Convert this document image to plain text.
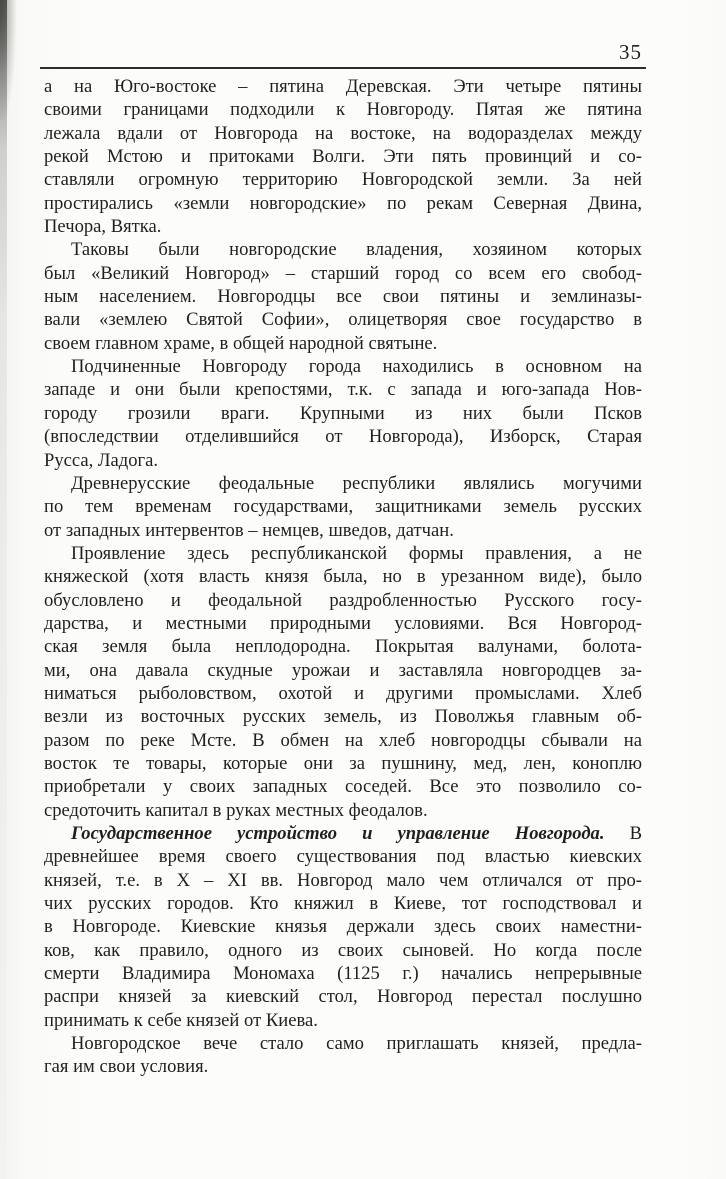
35
а на Юго-востоке – пятина Деревская. Эти четыре пятины
своими границами подходили к Новгороду. Пятая же пятина
лежала вдали от Новгорода на востоке, на водоразделах между
рекой Мстою и притоками Волги. Эти пять провинций и со-
ставляли огромную территорию Новгородской земли. За ней
простирались «земли новгородские» по рекам Северная Двина,
Печора, Вятка.
Таковы были новгородские владения, хозяином которых
был «Великий Новгород» – старший город со всем его свобод-
ным населением. Новгородцы все свои пятины и землиназы-
вали «землею Святой Софии», олицетворяя свое государство в
своем главном храме, в общей народной святыне.
Подчиненные Новгороду города находились в основном на
западе и они были крепостями, т.к. с запада и юго-запада Нов-
городу грозили враги. Крупными из них были Псков
(впоследствии отделившийся от Новгорода), Изборск, Старая
Русса, Ладога.
Древнерусские феодальные республики являлись могучими
по тем временам государствами, защитниками земель русских
от западных интервентов – немцев, шведов, датчан.
Проявление здесь республиканской формы правления, а не
княжеской (хотя власть князя была, но в урезанном виде), было
обусловлено и феодальной раздробленностью Русского госу-
дарства, и местными природными условиями. Вся Новгород-
ская земля была неплодородна. Покрытая валунами, болота-
ми, она давала скудные урожаи и заставляла новгородцев за-
ниматься рыболовством, охотой и другими промыслами. Хлеб
везли из восточных русских земель, из Поволжья главным об-
разом по реке Мсте. В обмен на хлеб новгородцы сбывали на
восток те товары, которые они за пушнину, мед, лен, коноплю
приобретали у своих западных соседей. Все это позволило со-
средоточить капитал в руках местных феодалов.
Государственное устройство и управление Новгорода. В
древнейшее время своего существования под властью киевских
князей, т.е. в X – XI вв. Новгород мало чем отличался от про-
чих русских городов. Кто княжил в Киеве, тот господствовал и
в Новгороде. Киевские князья держали здесь своих наместни-
ков, как правило, одного из своих сыновей. Но когда после
смерти Владимира Мономаха (1125 г.) начались непрерывные
распри князей за киевский стол, Новгород перестал послушно
принимать к себе князей от Киева.
Новгородское вече стало само приглашать князей, предла-
гая им свои условия.
